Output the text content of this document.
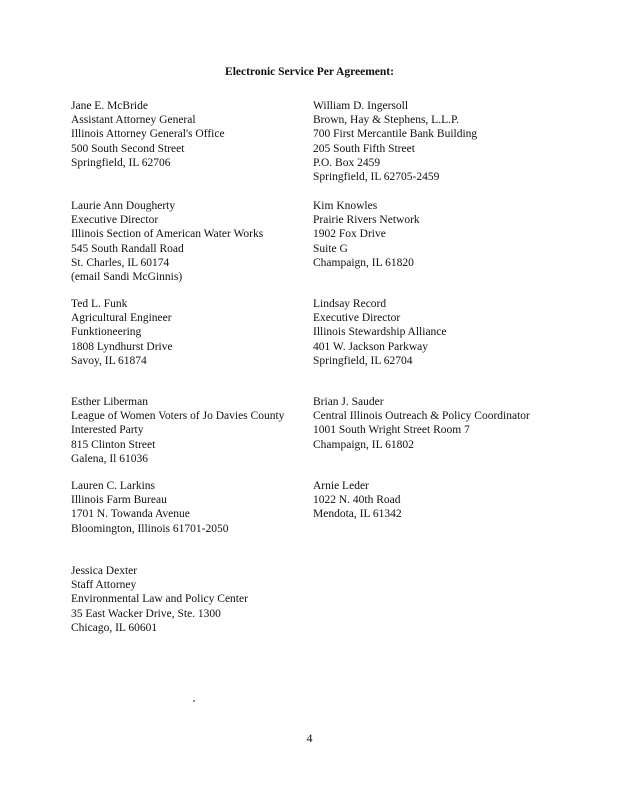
Electronic Service Per Agreement:
Jane E. McBride
Assistant Attorney General
Illinois Attorney General's Office
500 South Second Street
Springfield, IL 62706
William D. Ingersoll
Brown, Hay & Stephens, L.L.P.
700 First Mercantile Bank Building
205 South Fifth Street
P.O. Box 2459
Springfield, IL 62705-2459
Laurie Ann Dougherty
Executive Director
Illinois Section of American Water Works
545 South Randall Road
St. Charles, IL 60174
(email Sandi McGinnis)
Kim Knowles
Prairie Rivers Network
1902 Fox Drive
Suite G
Champaign, IL 61820
Ted L. Funk
Agricultural Engineer
Funktioneering
1808 Lyndhurst Drive
Savoy, IL 61874
Lindsay Record
Executive Director
Illinois Stewardship Alliance
401 W. Jackson Parkway
Springfield, IL 62704
Esther Liberman
League of Women Voters of Jo Davies County
Interested Party
815 Clinton Street
Galena, Il 61036
Brian J. Sauder
Central Illinois Outreach & Policy Coordinator
1001 South Wright Street Room 7
Champaign, IL 61802
Lauren C. Larkins
Illinois Farm Bureau
1701 N. Towanda Avenue
Bloomington, Illinois 61701-2050
Arnie Leder
1022 N. 40th Road
Mendota, IL 61342
Jessica Dexter
Staff Attorney
Environmental Law and Policy Center
35 East Wacker Drive, Ste. 1300
Chicago, IL 60601
4
